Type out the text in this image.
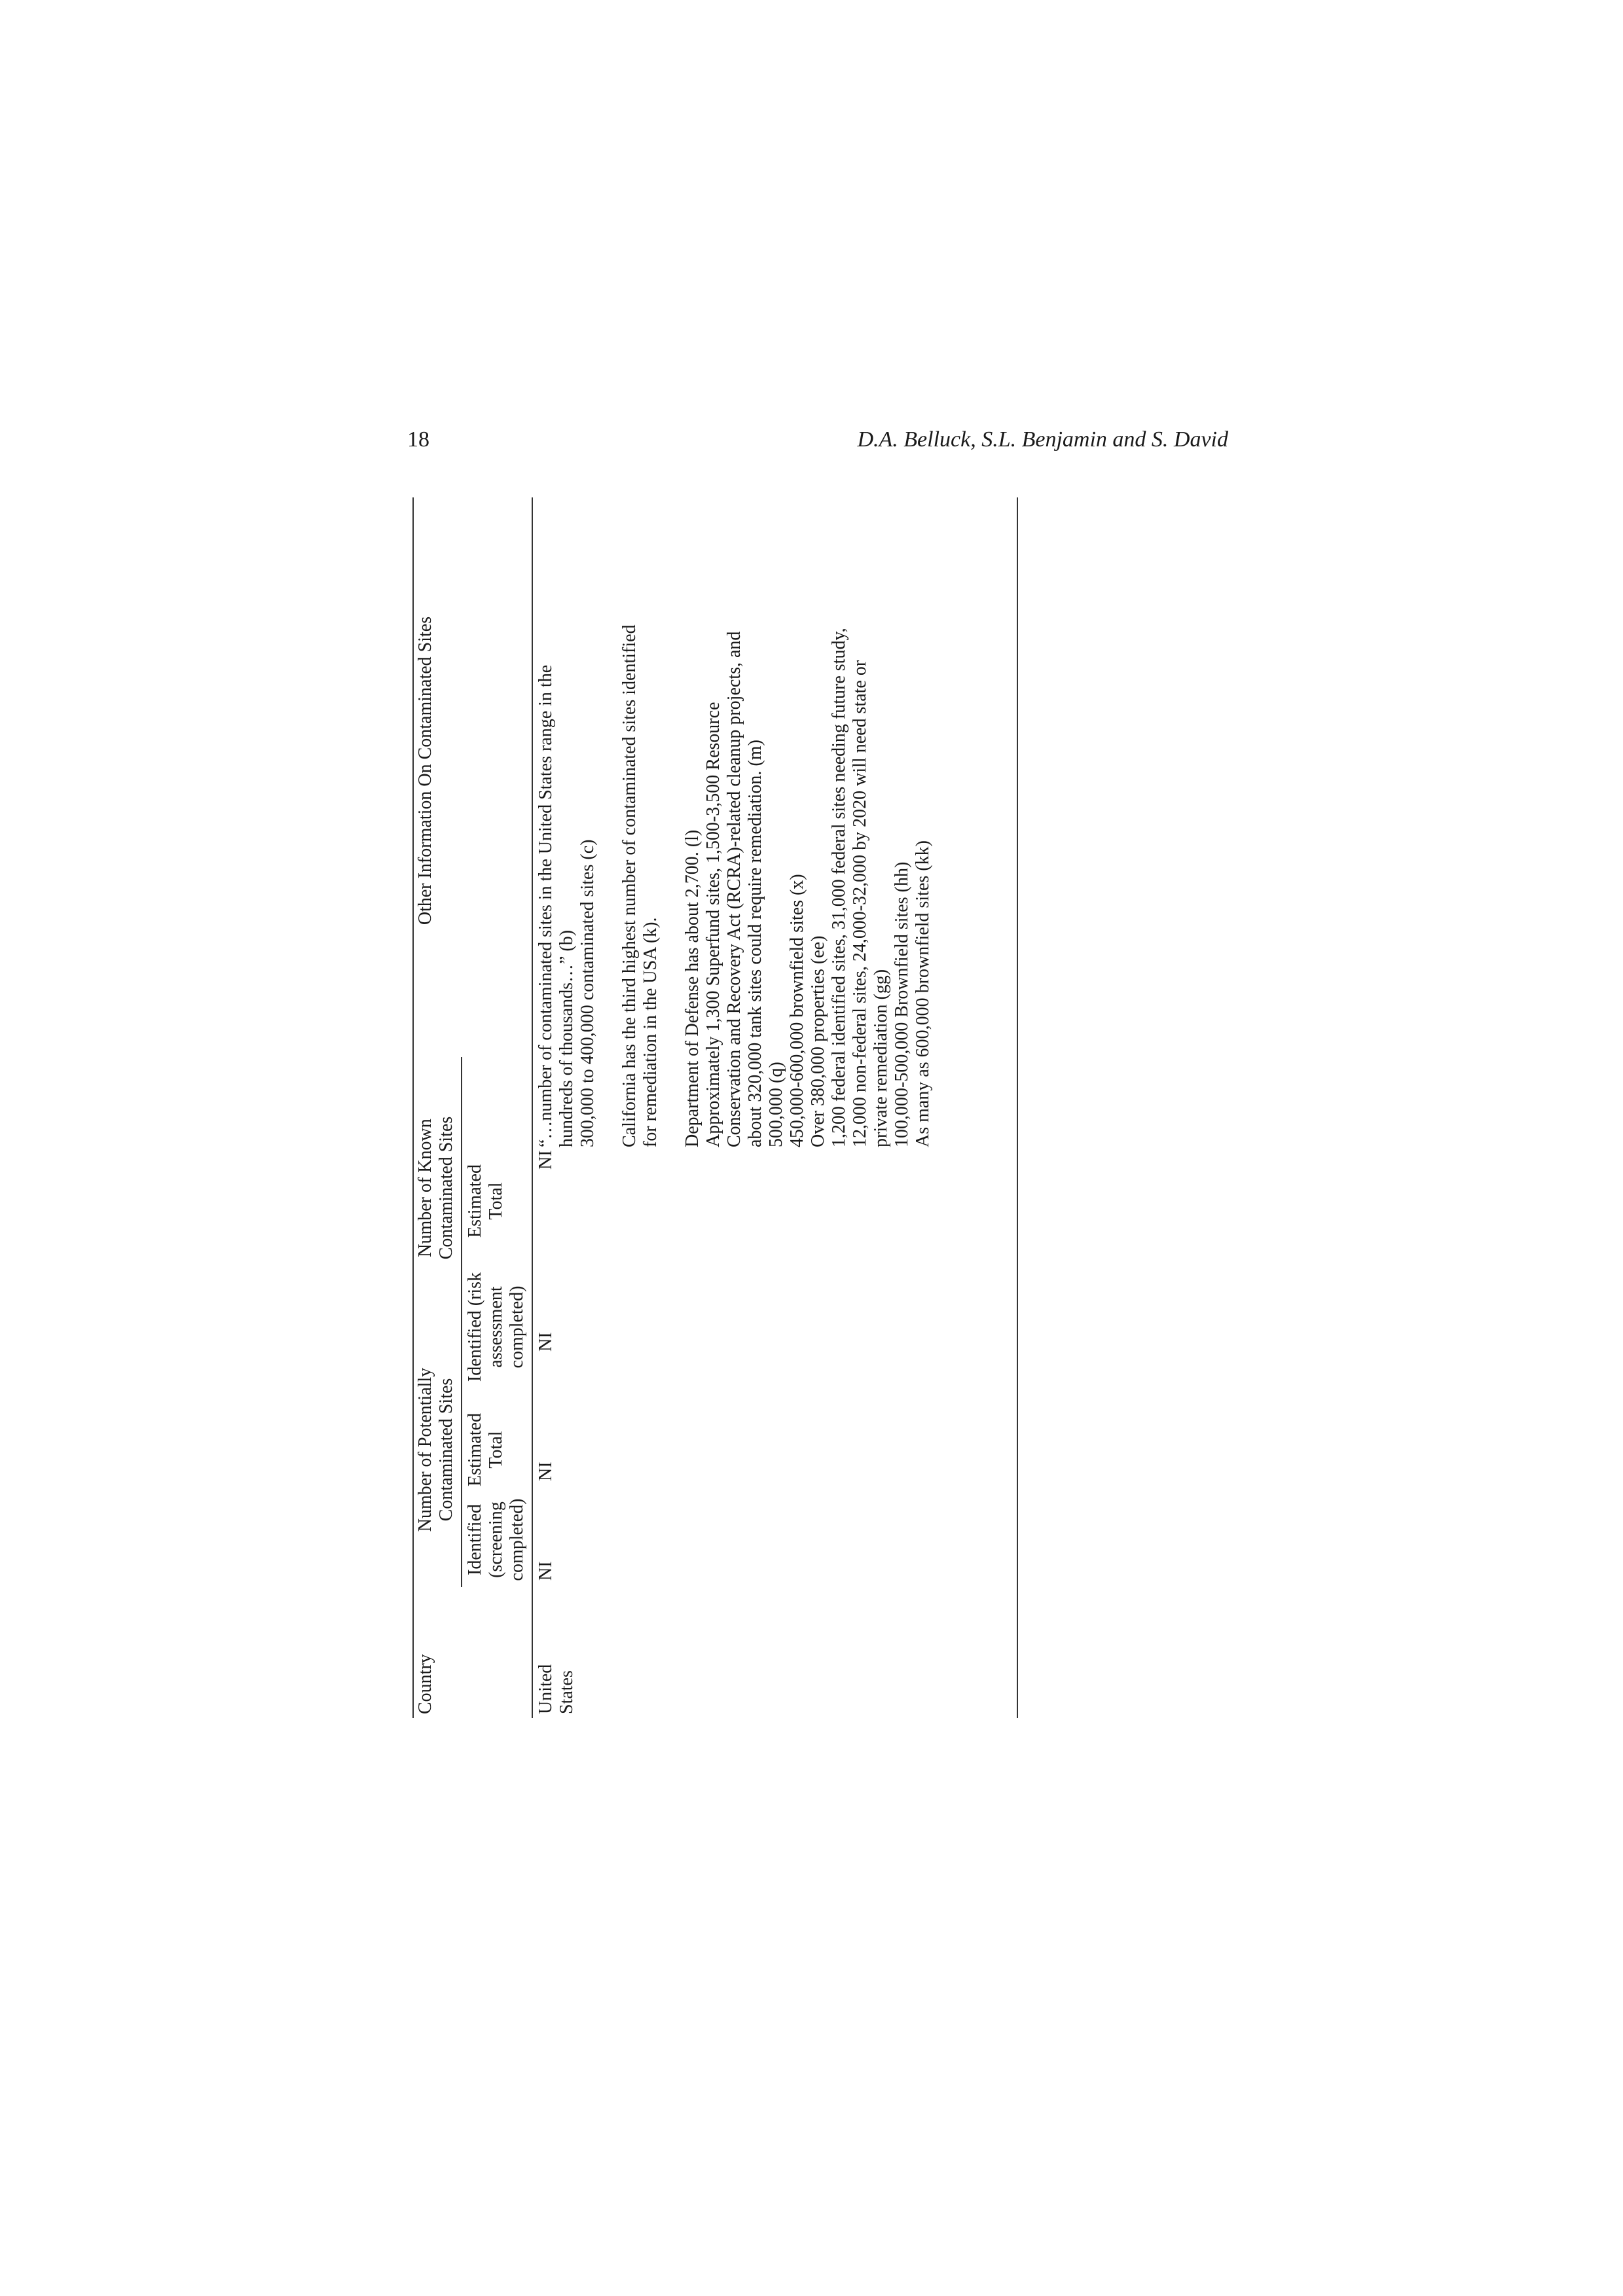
18	D.A. Belluck, S.L. Benjamin and S. David
Country
Number of Potentially Contaminated Sites
Number of Known Contaminated Sites
Other Information On Contaminated Sites
Identified (screening completed)
Estimated Total
Identified (risk assessment completed)
Estimated Total
United States
NI
NI
NI
NI
“…number of contaminated sites in the United States range in the hundreds of thousands…” (b) 300,000 to 400,000 contaminated sites (c)
California has the third highest number of contaminated sites identified for remediation in the USA (k).
Department of Defense has about 2,700. (l) Approximately 1,300 Superfund sites, 1,500-3,500 Resource Conservation and Recovery Act (RCRA)-related cleanup projects, and about 320,000 tank sites could require remediation. (m) 500,000 (q) 450,000-600,000 brownfield sites (x) Over 380,000 properties (ee) 1,200 federal identified sites, 31,000 federal sites needing future study, 12,000 non-federal sites, 24,000-32,000 by 2020 will need state or private remediation (gg) 100,000-500,000 Brownfield sites (hh) As many as 600,000 brownfield sites (kk)
